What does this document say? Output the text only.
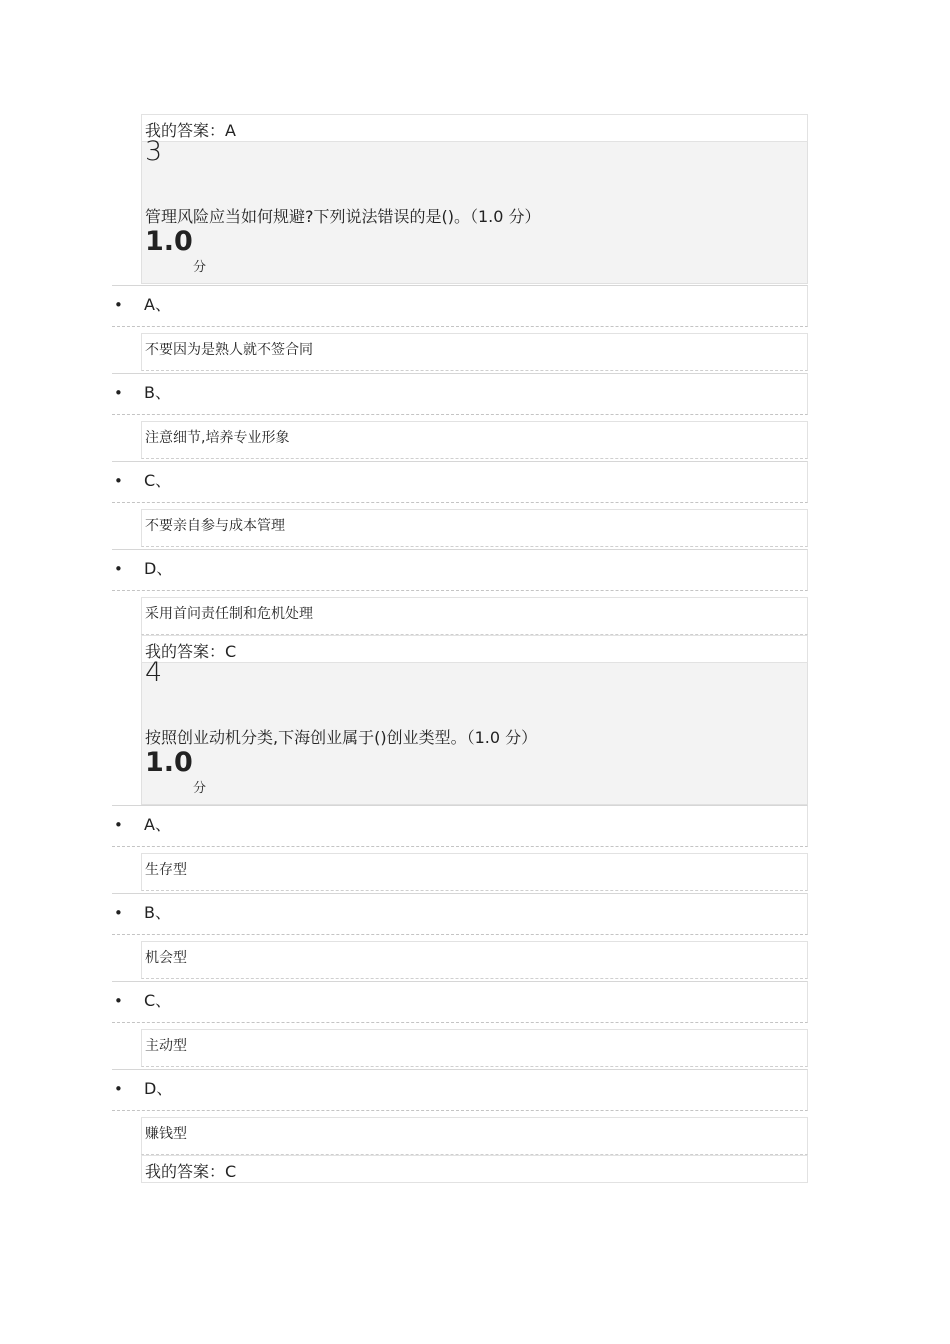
我的答案：A
3
管理风险应当如何规避?下列说法错误的是()。（1.0 分）
1.0
分
• A、
不要因为是熟人就不签合同
• B、
注意细节,培养专业形象
• C、
不要亲自参与成本管理
• D、
采用首问责任制和危机处理
我的答案：C
4
按照创业动机分类,下海创业属于()创业类型。（1.0 分）
1.0
分
• A、
生存型
• B、
机会型
• C、
主动型
• D、
赚钱型
我的答案：C
